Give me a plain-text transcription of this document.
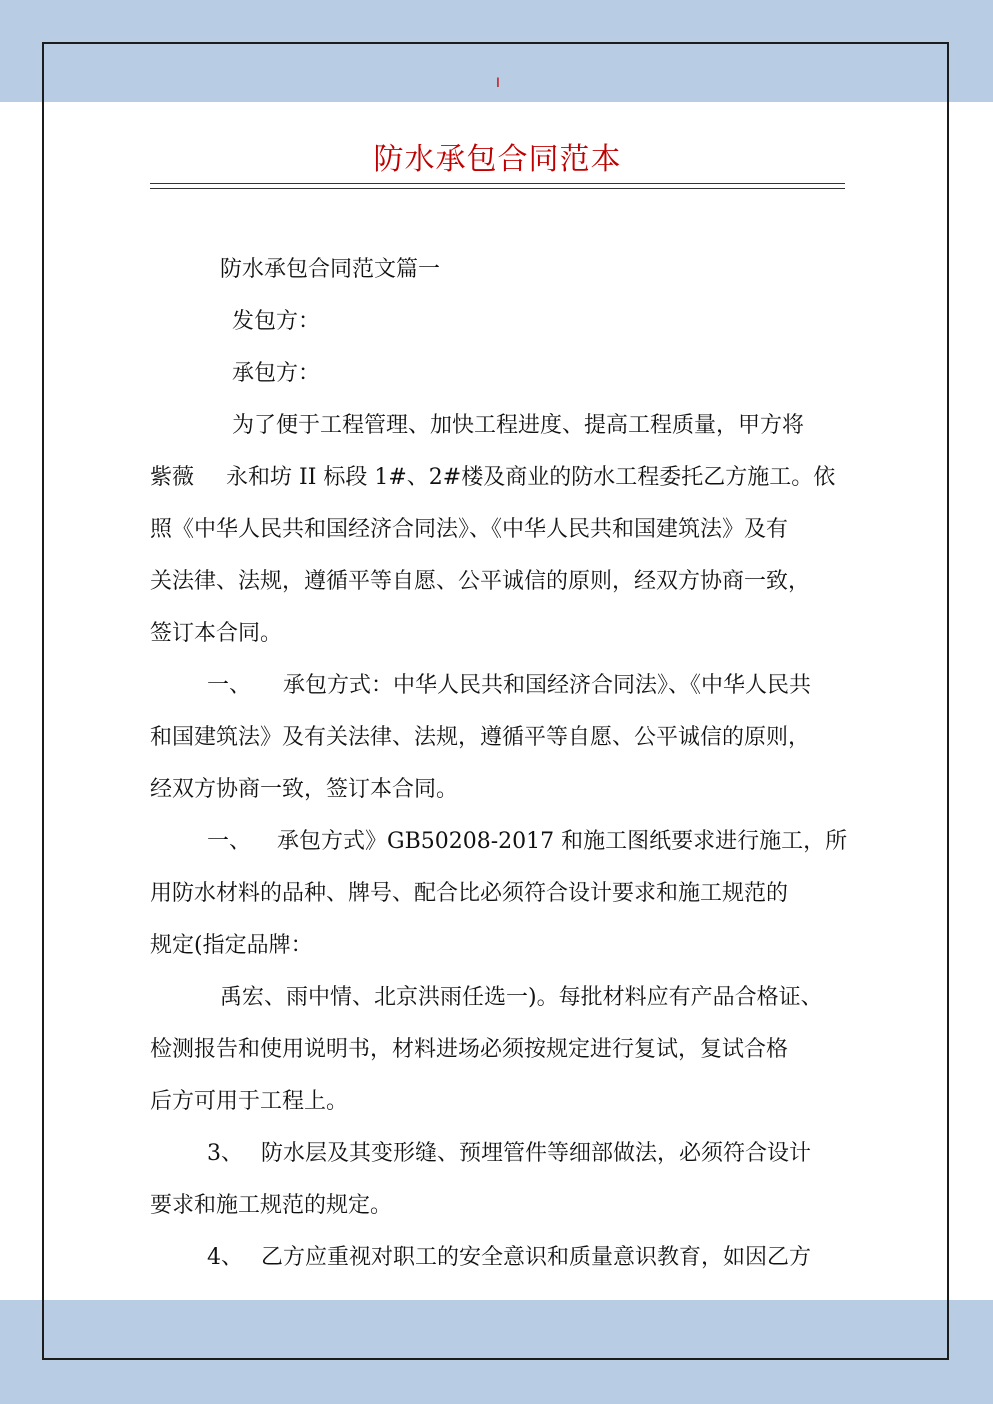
I
防水承包合同范本
防水承包合同范文篇一
发包方：
承包方：
为了便于工程管理、加快工程进度、提高工程质量，甲方将
紫薇 永和坊 II 标段 1#、2#楼及商业的防水工程委托乙方施工。依
照《中华人民共和国经济合同法》、《中华人民共和国建筑法》及有
关法律、法规，遵循平等自愿、公平诚信的原则，经双方协商一致，
签订本合同。
一、 承包方式：中华人民共和国经济合同法》、《中华人民共
和国建筑法》及有关法律、法规，遵循平等自愿、公平诚信的原则，
经双方协商一致，签订本合同。
一、 承包方式》GB50208-2017 和施工图纸要求进行施工，所
用防水材料的品种、牌号、配合比必须符合设计要求和施工规范的
规定(指定品牌：
禹宏、雨中情、北京洪雨任选一)。每批材料应有产品合格证、
检测报告和使用说明书，材料进场必须按规定进行复试，复试合格
后方可用于工程上。
3、 防水层及其变形缝、预埋管件等细部做法，必须符合设计
要求和施工规范的规定。
4、 乙方应重视对职工的安全意识和质量意识教育，如因乙方
